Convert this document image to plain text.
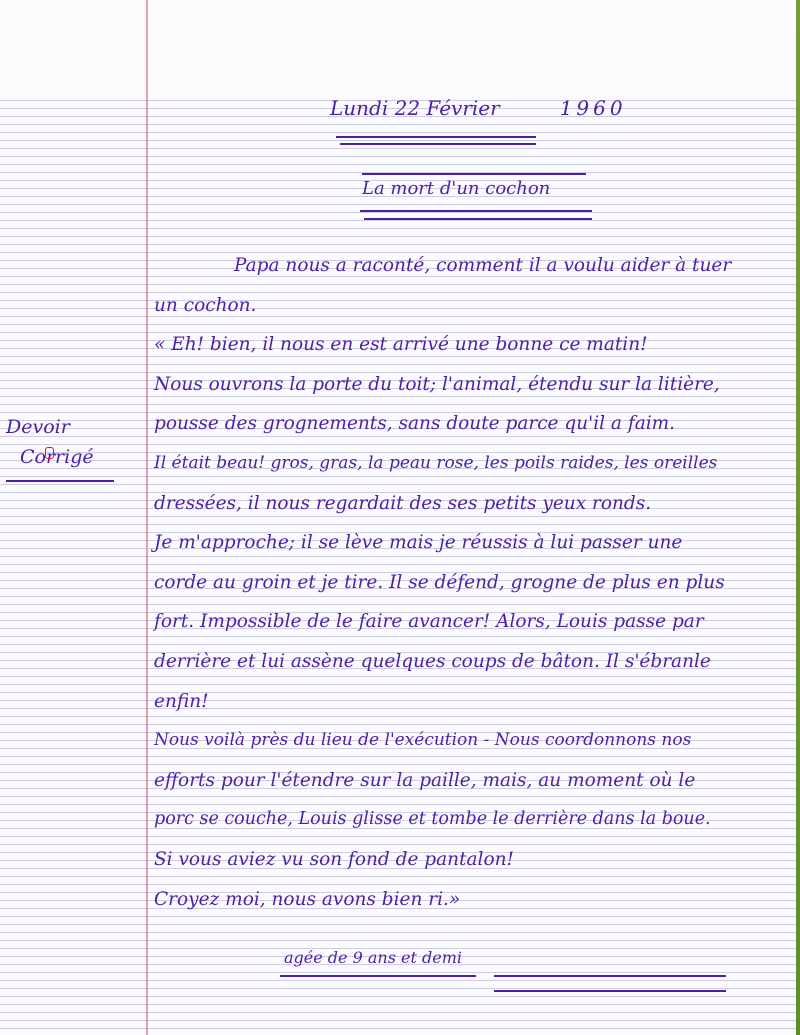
Lundi 22 Février	1960
La mort d'un cochon
Devoir
Corrigé

Papa nous a raconté, comment il a voulu aider à tuer

un cochon.

« Eh! bien, il nous en est arrivé une bonne ce matin!

Nous ouvrons la porte du toit; l'animal, étendu sur la litière,

pousse des grognements, sans doute parce qu'il a faim.

Il était beau! gros, gras, la peau rose, les poils raides, les oreilles

dressées, il nous regardait des ses petits yeux ronds.

Je m'approche; il se lève mais je réussis à lui passer une

corde au groin et je tire. Il se défend, grogne de plus en plus

fort. Impossible de le faire avancer! Alors, Louis passe par

derrière et lui assène quelques coups de bâton. Il s'ébranle

enfin!

Nous voilà près du lieu de l'exécution - Nous coordonnons nos

efforts pour l'étendre sur la paille, mais, au moment où le

porc se couche, Louis glisse et tombe le derrière dans la boue.

Si vous aviez vu son fond de pantalon!

Croyez moi, nous avons bien ri.»

agée de 9 ans et demi
